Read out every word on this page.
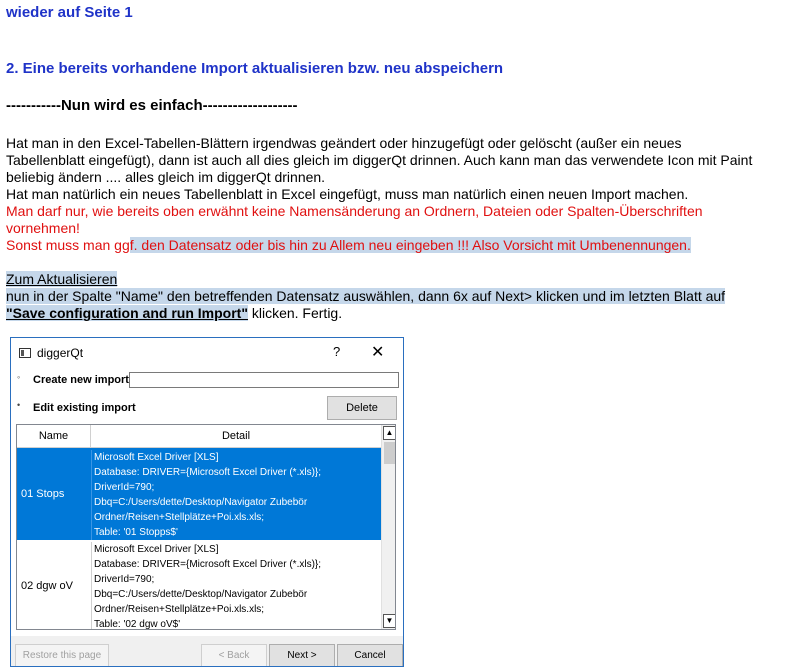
wieder auf Seite 1
2. Eine bereits vorhandene Import aktualisieren bzw. neu abspeichern
-----------Nun wird es einfach-------------------
Hat man in den Excel-Tabellen-Blättern irgendwas geändert oder hinzugefügt oder gelöscht (außer ein neues
Tabellenblatt eingefügt), dann ist auch all dies gleich im diggerQt drinnen. Auch kann man das verwendete Icon mit Paint
beliebig ändern .... alles gleich im diggerQt drinnen.
Hat man natürlich ein neues Tabellenblatt in Excel eingefügt, muss man natürlich einen neuen Import machen.
Man darf nur, wie bereits oben erwähnt keine Namensänderung an Ordnern, Dateien oder Spalten-Überschriften
vornehmen!
Sonst muss man ggf. den Datensatz oder bis hin zu Allem neu eingeben !!! Also Vorsicht mit Umbenennungen.
Zum Aktualisieren
nun in der Spalte "Name" den betreffenden Datensatz auswählen, dann 6x auf Next> klicken und im letzten Blatt auf
"Save configuration and run Import" klicken. Fertig.
diggerQt	? ✕
◦	Create new import
•	Edit existing import	Delete
Name	Detail
01 Stops
Microsoft Excel Driver [XLS]
Database: DRIVER={Microsoft Excel Driver (*.xls)};
DriverId=790;
Dbq=C:/Users/dette/Desktop/Navigator Zubebör
Ordner/Reisen+Stellplätze+Poi.xls.xls;
Table: '01 Stopps$'
02 dgw oV
Microsoft Excel Driver [XLS]
Database: DRIVER={Microsoft Excel Driver (*.xls)};
DriverId=790;
Dbq=C:/Users/dette/Desktop/Navigator Zubebör
Ordner/Reisen+Stellplätze+Poi.xls.xls;
Table: '02 dgw oV$'
▲
▼
Restore this page	< Back	Next >	Cancel
